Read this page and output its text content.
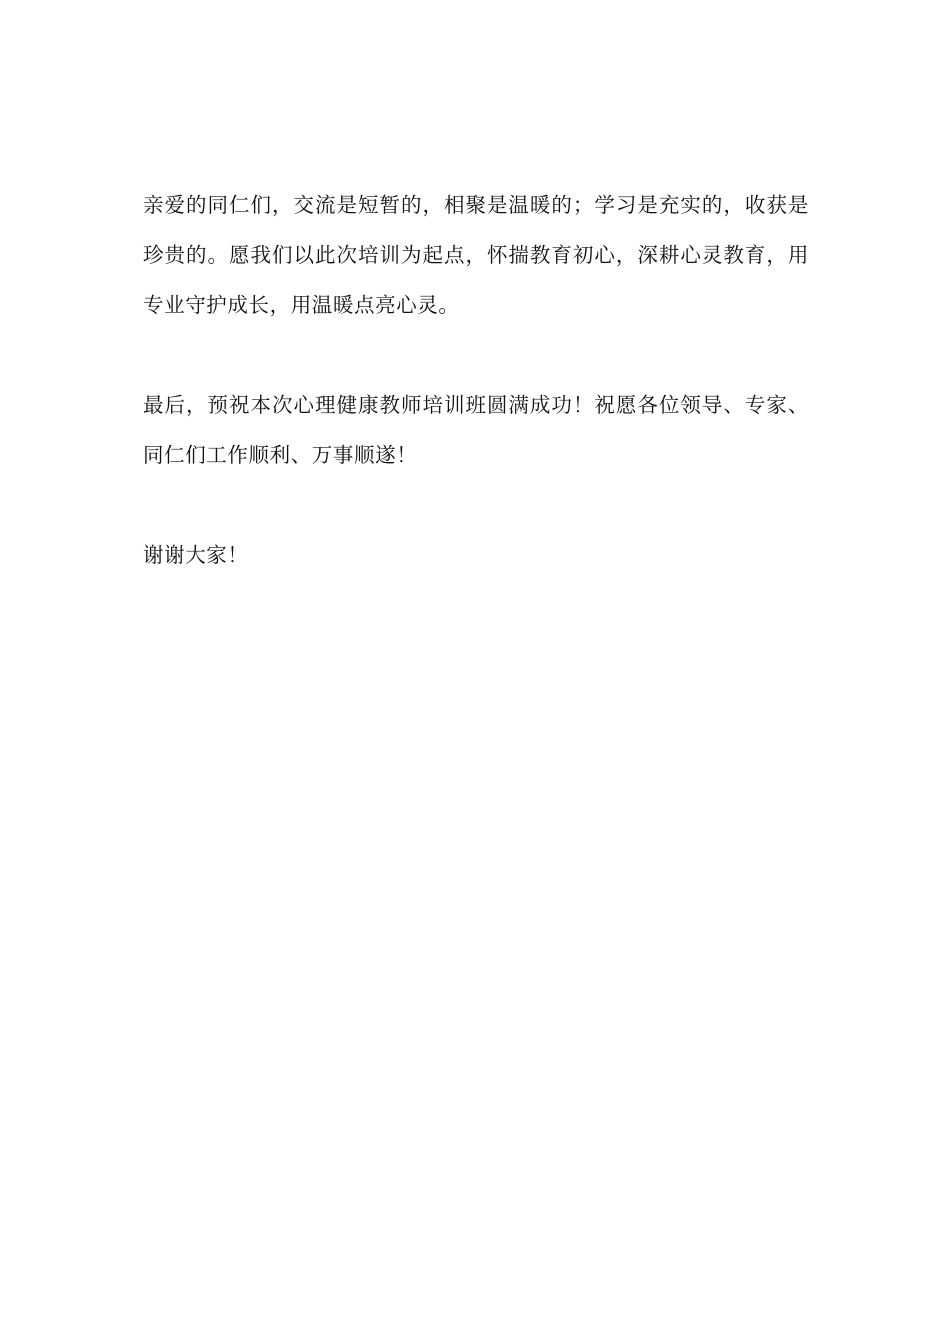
亲爱的同仁们，交流是短暂的，相聚是温暖的；学习是充实的，收获是珍贵的。愿我们以此次培训为起点，怀揣教育初心，深耕心灵教育，用专业守护成长，用温暖点亮心灵。

最后，预祝本次心理健康教师培训班圆满成功！祝愿各位领导、专家、同仁们工作顺利、万事顺遂！

谢谢大家！
